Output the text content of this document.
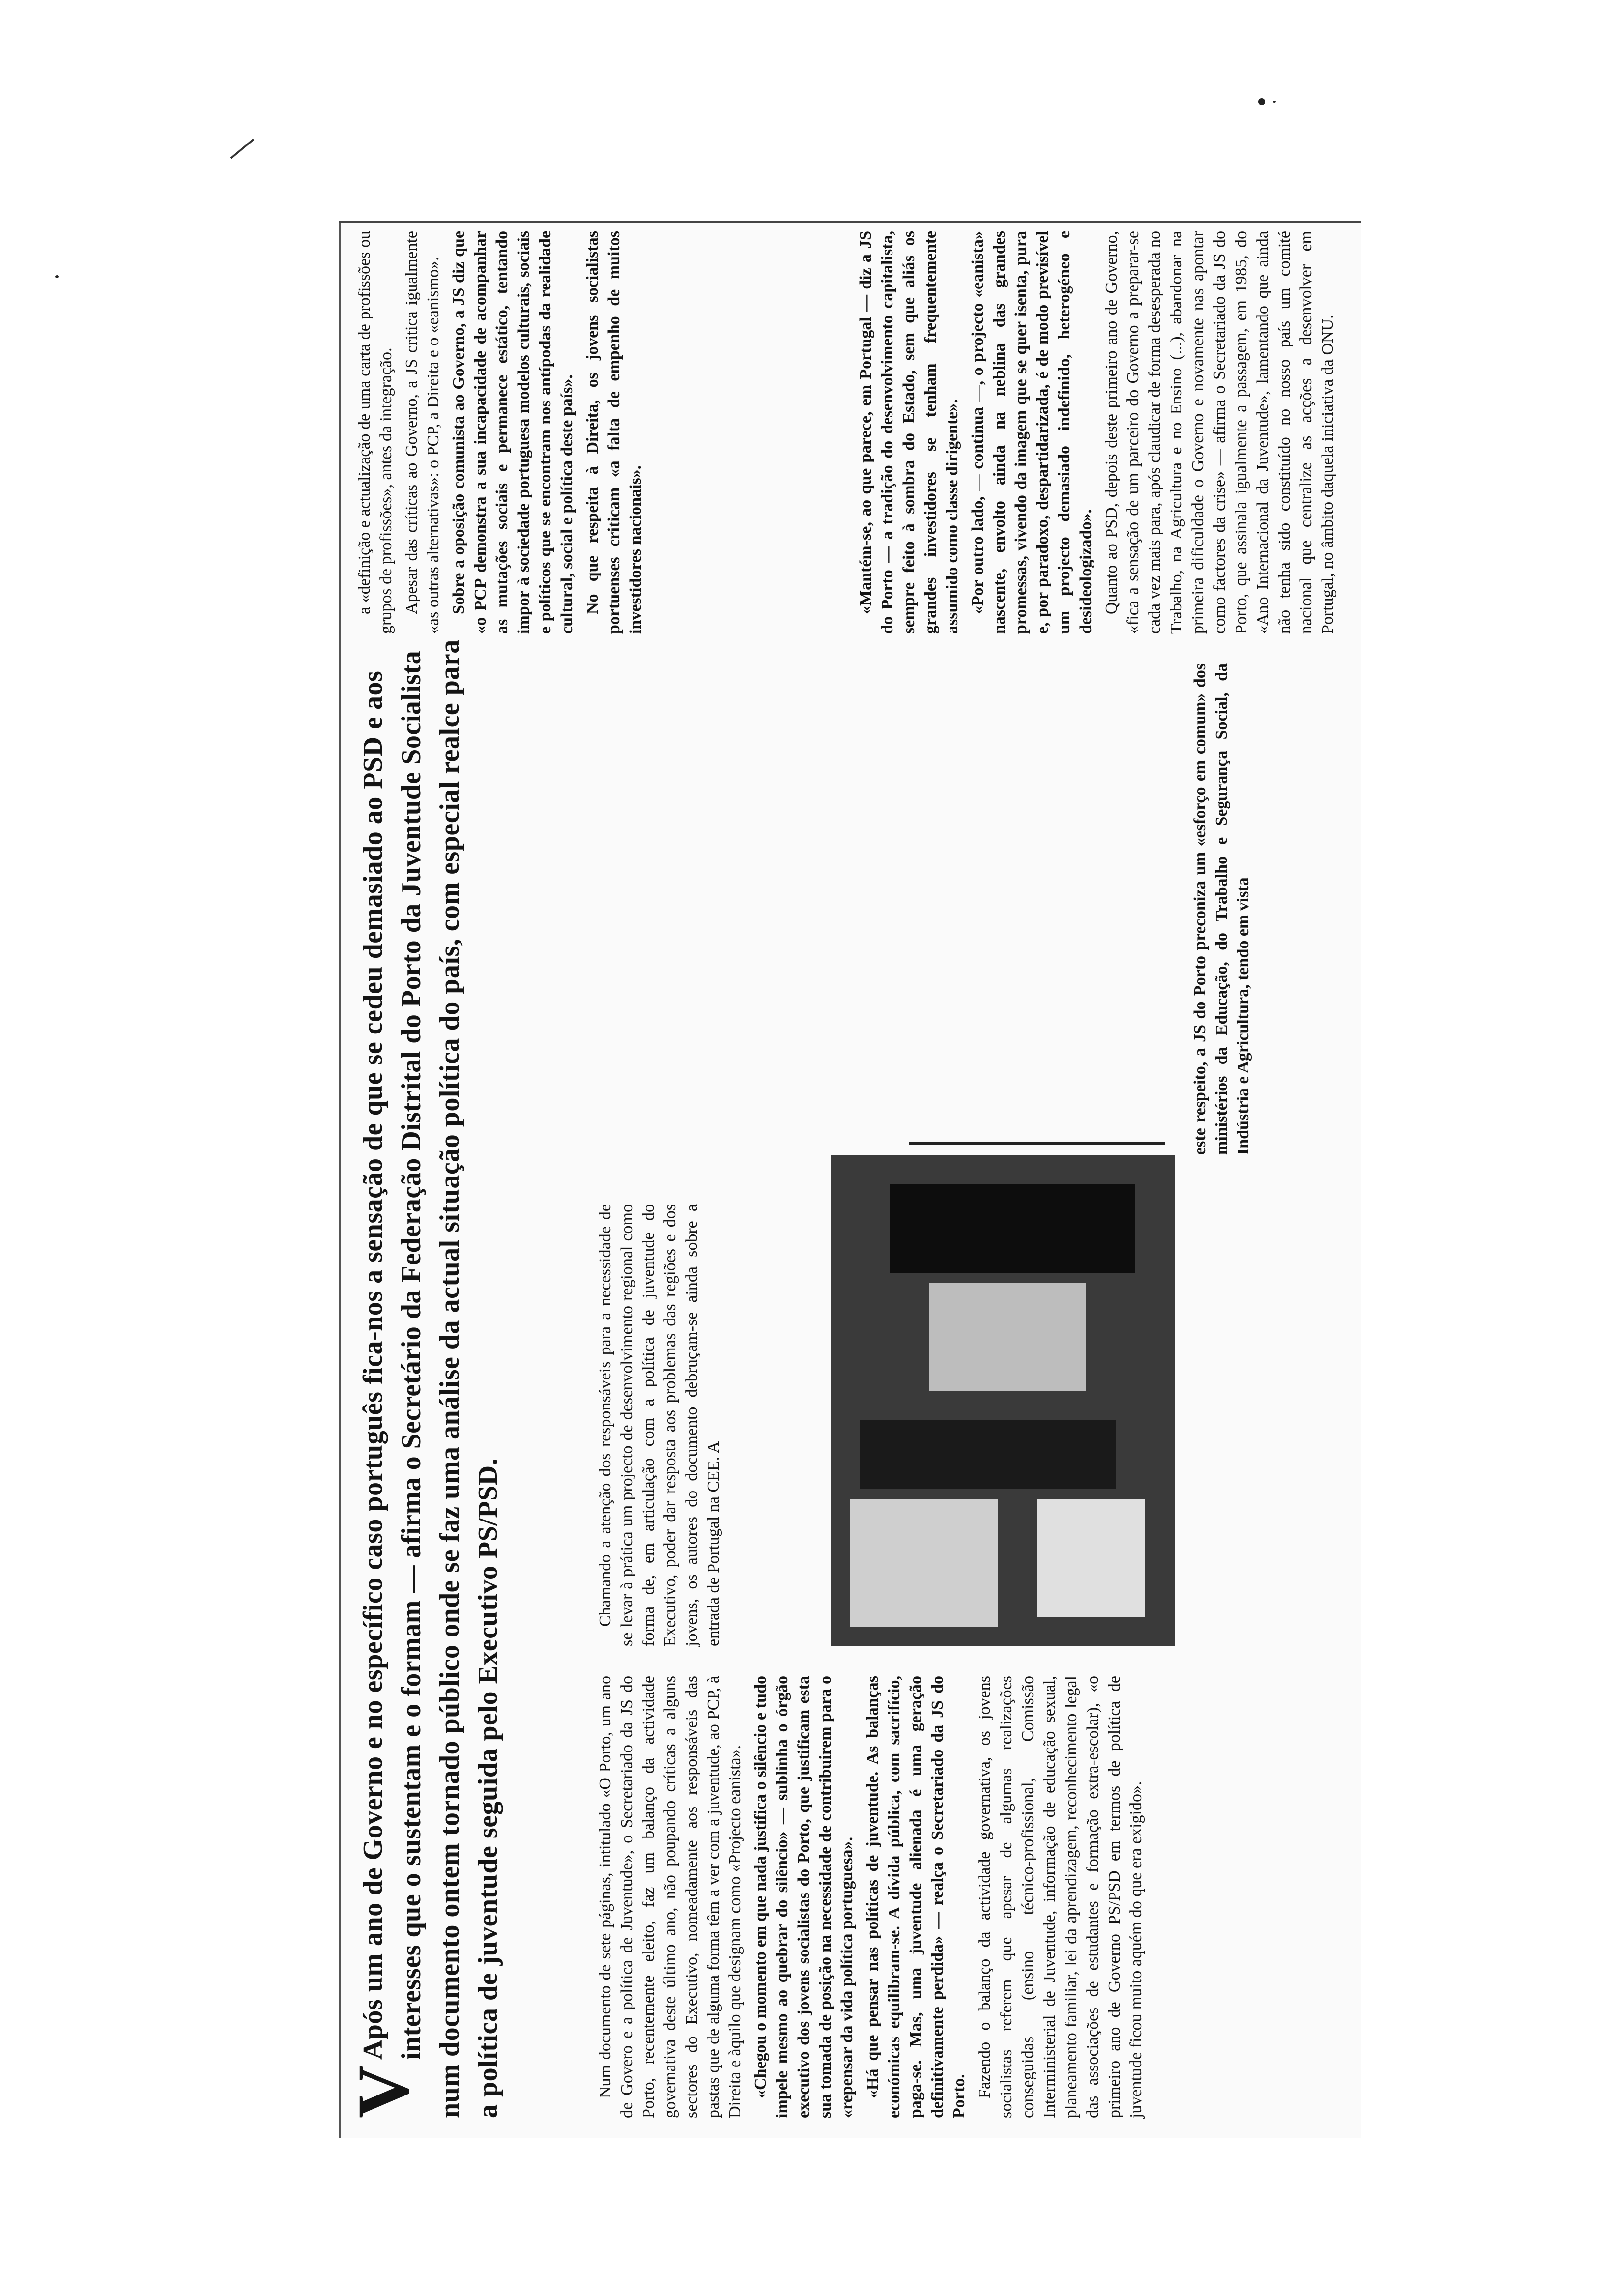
Após um
V
ano de Governo e no específico caso português fica-nos a sensação de que se cedeu demasiado ao PSD e aos interesses que o sustentam e o formam — afirma o Secretário da Federação Distrital do Porto da Juventude Socialista num documento ontem tornado público onde se faz uma análise da actual situação política do país, com especial realce para a política de juventude seguida pelo Executivo PS/PSD.	Num documento de sete páginas, intitulado «O Porto, um ano de Govero e a política de Juventude», o Secretariado da JS do Porto, recentemente eleito, faz um balanço da actividade governativa deste último ano, não poupando críticas a alguns sectores do Executivo, nomeadamente aos responsáveis das pastas que de alguma forma têm a ver com a juventude, ao PCP, à Direita e àquilo que designam como «Projecto eanista». «Chegou o momento em que nada justifica o silêncio e tudo impele mesmo ao quebrar do silêncio» — sublinha o órgão executivo dos jovens socialistas do Porto, que justificam esta sua tomada de posição na necessidade de contribuirem para o «repensar da vida política portuguesa». «Há que pensar nas políticas de juventude. As balanças económicas equilibram-se. A dívida pública, com sacrifício, paga-se. Mas, uma juventude alienada é uma geração definitivamente perdida» — realça o Secretariado da JS do Porto. Fazendo o balanço da actividade governativa, os jovens socialistas referem que apesar de algumas realizações conseguidas (ensino técnico-profissional, Comissão Interministerial de Juventude, informação de educação sexual, planeamento familiar, lei da aprendizagem, reconhecimento legal das associações de estudantes e formação extra-escolar), «o primeiro ano de Governo PS/PSD em termos de política de juventude ficou muito aquém do que era exigido».

Chamando a atenção dos responsáveis para a necessidade de se levar à prática um projecto de desenvolvimento regional como forma de, em articulação com a política de juventude do Executivo, poder dar resposta aos problemas das regiões e dos jovens, os autores do documento debruçam-se ainda sobre a entrada de Portugal na CEE. A

este respeito, a JS do Porto preconiza um «esforço em comum» dos ministérios da Educação, do Trabalho e Segurança Social, da Indústria e Agricultura, tendo em vista

a «definição e actualização de uma carta de profissões ou grupos de profissões», antes da integração. Apesar das críticas ao Governo, a JS critica igualmente «as outras alternativas»: o PCP, a Direita e o «eanismo». Sobre a oposição comunista ao Governo, a JS diz que «o PCP demonstra a sua incapacidade de acompanhar as mutações sociais e permanece estático, tentando impor à sociedade portuguesa modelos culturais, sociais e políticos que se encontram nos antípodas da realidade cultural, social e política deste país». No que respeita à Direita, os jovens socialistas portuenses criticam «a falta de empenho de muitos investidores nacionais».	«Mantém-se, ao que parece, em Portugal — diz a JS do Porto — a tradição do desenvolvimento capitalista, sempre feito à sombra do Estado, sem que aliás os grandes investidores se tenham frequentemente assumido como classe dirigente». «Por outro lado, — continua —, o projecto «eanista» nascente, envolto ainda na neblina das grandes promessas, vivendo da imagem que se quer isenta, pura e, por paradoxo, despartidarizada, é de modo previsível um projecto demasiado indefinido, heterogéneo e desideologizado». Quanto ao PSD, depois deste primeiro ano de Governo, «fica a sensação de um parceiro do Governo a preparar-se cada vez mais para, após claudicar de forma desesperada no Trabalho, na Agricultura e no Ensino (...), abandonar na primeira dificuldade o Governo e novamente nas apontar como factores da crise» — afirma o Secretariado da JS do Porto, que assinala igualmente a passagem, em 1985, do «Ano Internacional da Juventude», lamentando que ainda não tenha sido constituído no nosso país um comité nacional que centralize as acções a desenvolver em Portugal, no âmbito daquela iniciativa da ONU.
